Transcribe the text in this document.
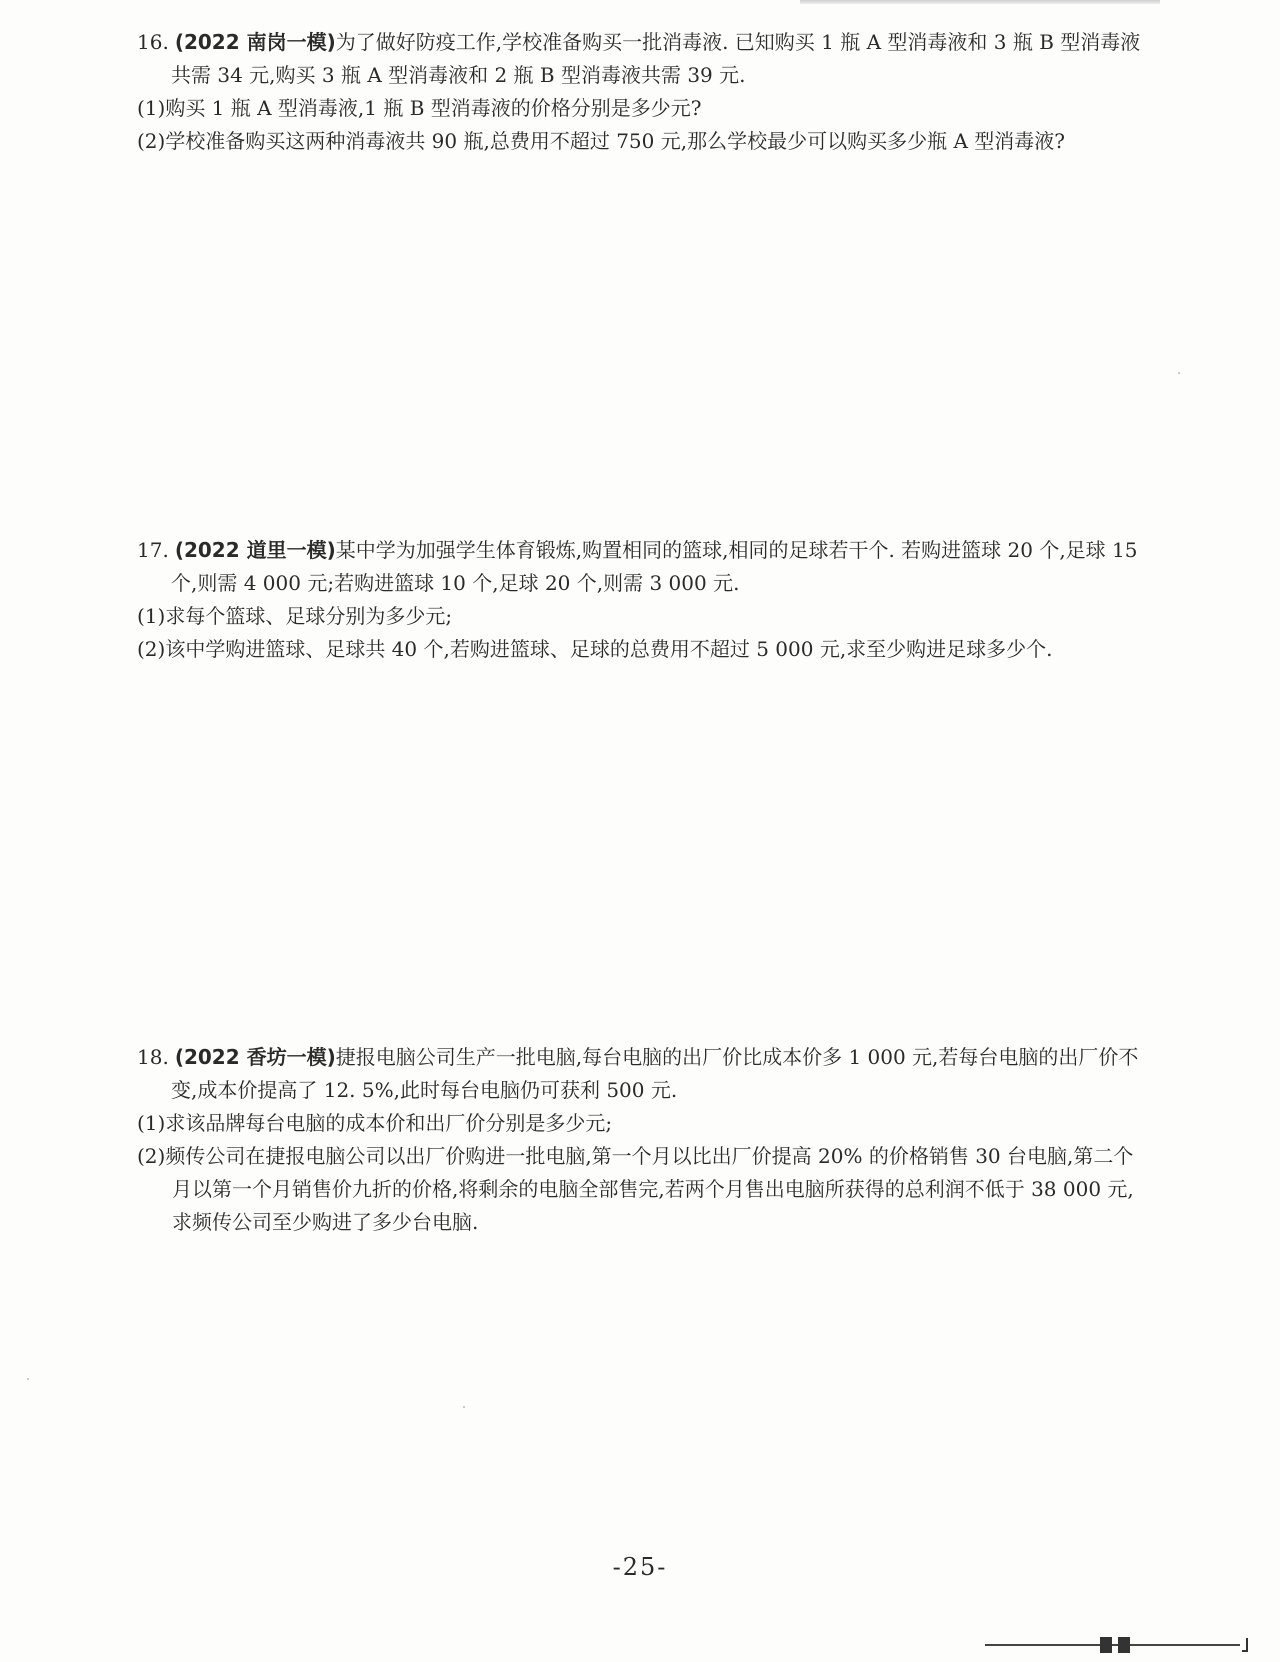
16. (2022 南岗一模)为了做好防疫工作,学校准备购买一批消毒液. 已知购买 1 瓶 A 型消毒液和 3 瓶 B 型消毒液共需 34 元,购买 3 瓶 A 型消毒液和 2 瓶 B 型消毒液共需 39 元.

(1)购买 1 瓶 A 型消毒液,1 瓶 B 型消毒液的价格分别是多少元?

(2)学校准备购买这两种消毒液共 90 瓶,总费用不超过 750 元,那么学校最少可以购买多少瓶 A 型消毒液?

17. (2022 道里一模)某中学为加强学生体育锻炼,购置相同的篮球,相同的足球若干个. 若购进篮球 20 个,足球 15 个,则需 4 000 元;若购进篮球 10 个,足球 20 个,则需 3 000 元.

(1)求每个篮球、足球分别为多少元;

(2)该中学购进篮球、足球共 40 个,若购进篮球、足球的总费用不超过 5 000 元,求至少购进足球多少个.

18. (2022 香坊一模)捷报电脑公司生产一批电脑,每台电脑的出厂价比成本价多 1 000 元,若每台电脑的出厂价不变,成本价提高了 12. 5%,此时每台电脑仍可获利 500 元.

(1)求该品牌每台电脑的成本价和出厂价分别是多少元;

(2)频传公司在捷报电脑公司以出厂价购进一批电脑,第一个月以比出厂价提高 20% 的价格销售 30 台电脑,第二个月以第一个月销售价九折的价格,将剩余的电脑全部售完,若两个月售出电脑所获得的总利润不低于 38 000 元,求频传公司至少购进了多少台电脑.

-25-
